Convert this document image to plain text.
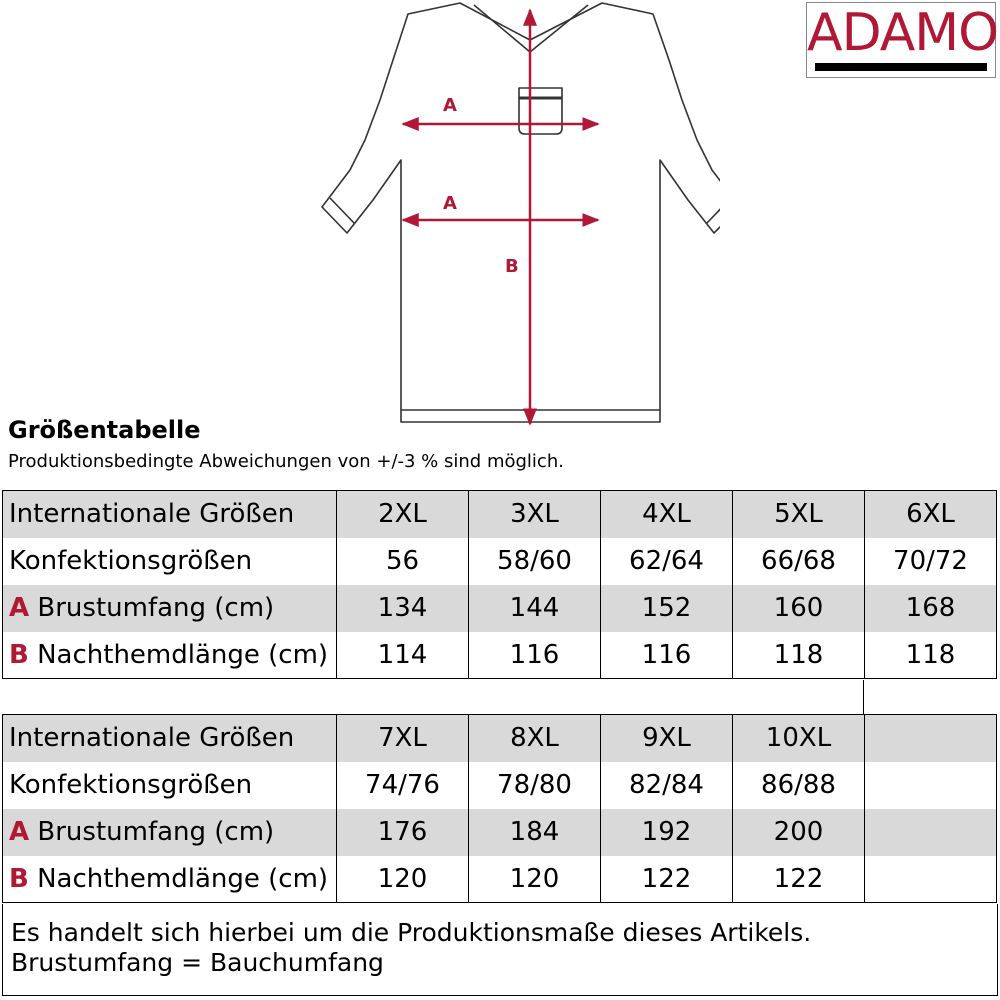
A
A
B
ADAMO
Größentabelle
Produktionsbedingte Abweichungen von +/-3 % sind möglich.
Internationale Größen	2XL	3XL	4XL	5XL	6XL
Konfektionsgrößen	56	58/60	62/64	66/68	70/72
A Brustumfang (cm)	134	144	152	160	168
B Nachthemdlänge (cm)	114	116	116	118	118
Internationale Größen	7XL	8XL	9XL	10XL	
Konfektionsgrößen	74/76	78/80	82/84	86/88	
A Brustumfang (cm)	176	184	192	200	
B Nachthemdlänge (cm)	120	120	122	122	
Es handelt sich hierbei um die Produktionsmaße dieses Artikels.
Brustumfang = Bauchumfang
